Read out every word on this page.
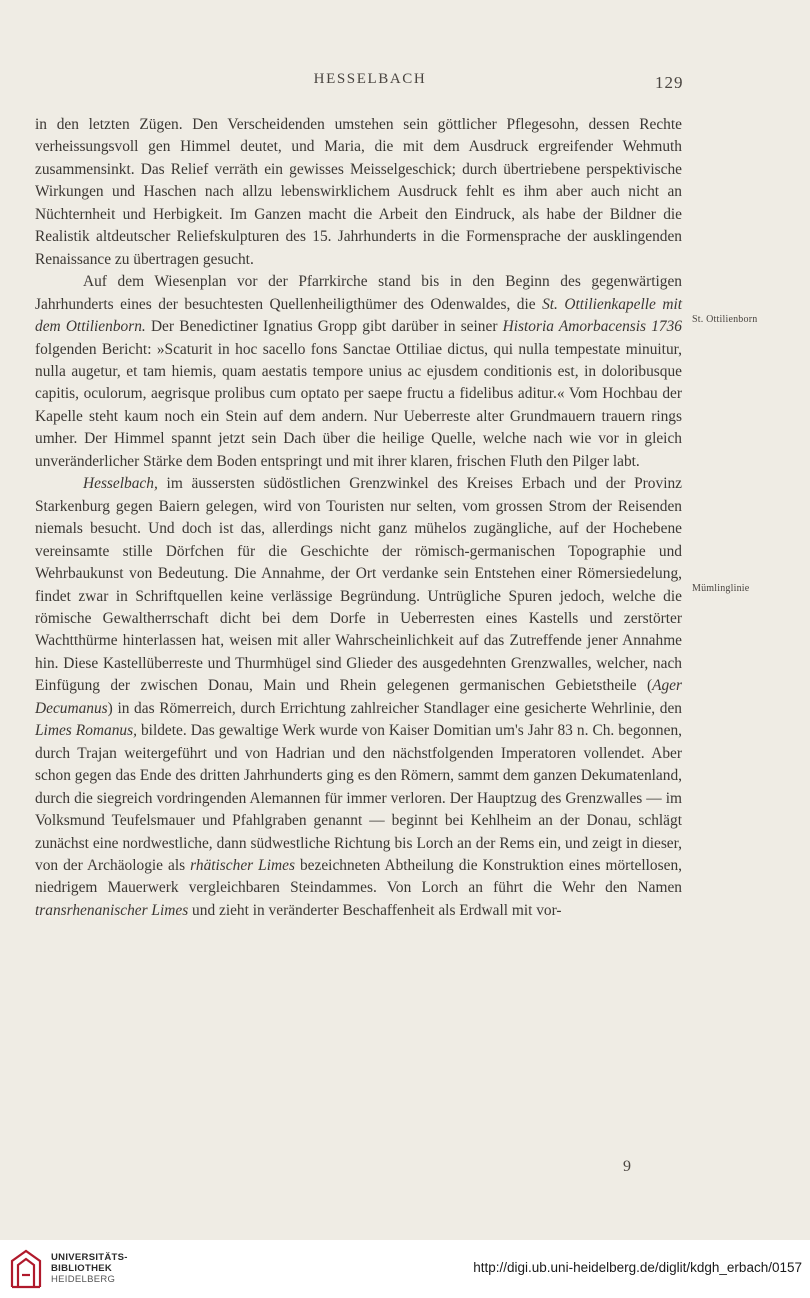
HESSELBACH	129
St. Ottilienborn
Mümlinglinie

in den letzten Zügen. Den Verscheidenden umstehen sein göttlicher Pflegesohn, dessen Rechte verheissungsvoll gen Himmel deutet, und Maria, die mit dem Ausdruck ergreifender Wehmuth zusammensinkt. Das Relief verräth ein gewisses Meisselgeschick; durch übertriebene perspektivische Wirkungen und Haschen nach allzu lebenswirklichem Ausdruck fehlt es ihm aber auch nicht an Nüchternheit und Herbigkeit. Im Ganzen macht die Arbeit den Eindruck, als habe der Bildner die Realistik altdeutscher Reliefskulpturen des 15. Jahrhunderts in die Formensprache der ausklingenden Renaissance zu übertragen gesucht.

Auf dem Wiesenplan vor der Pfarrkirche stand bis in den Beginn des gegenwärtigen Jahrhunderts eines der besuchtesten Quellenheiligthümer des Odenwaldes, die St. Ottilienkapelle mit dem Ottilienborn. Der Benedictiner Ignatius Gropp gibt darüber in seiner Historia Amorbacensis 1736 folgenden Bericht: »Scaturit in hoc sacello fons Sanctae Ottiliae dictus, qui nulla tempestate minuitur, nulla augetur, et tam hiemis, quam aestatis tempore unius ac ejusdem conditionis est, in doloribusque capitis, oculorum, aegrisque prolibus cum optato per saepe fructu a fidelibus aditur.« Vom Hochbau der Kapelle steht kaum noch ein Stein auf dem andern. Nur Ueberreste alter Grundmauern trauern rings umher. Der Himmel spannt jetzt sein Dach über die heilige Quelle, welche nach wie vor in gleich unveränderlicher Stärke dem Boden entspringt und mit ihrer klaren, frischen Fluth den Pilger labt.

Hesselbach, im äussersten südöstlichen Grenzwinkel des Kreises Erbach und der Provinz Starkenburg gegen Baiern gelegen, wird von Touristen nur selten, vom grossen Strom der Reisenden niemals besucht. Und doch ist das, allerdings nicht ganz mühelos zugängliche, auf der Hochebene vereinsamte stille Dörfchen für die Geschichte der römisch-germanischen Topographie und Wehrbaukunst von Bedeutung. Die Annahme, der Ort verdanke sein Entstehen einer Römersiedelung, findet zwar in Schriftquellen keine verlässige Begründung. Untrügliche Spuren jedoch, welche die römische Gewaltherrschaft dicht bei dem Dorfe in Ueberresten eines Kastells und zerstörter Wachtthürme hinterlassen hat, weisen mit aller Wahrscheinlichkeit auf das Zutreffende jener Annahme hin. Diese Kastellüberreste und Thurmhügel sind Glieder des ausgedehnten Grenzwalles, welcher, nach Einfügung der zwischen Donau, Main und Rhein gelegenen germanischen Gebietstheile (Ager Decumanus) in das Römerreich, durch Errichtung zahlreicher Standlager eine gesicherte Wehrlinie, den Limes Romanus, bildete. Das gewaltige Werk wurde von Kaiser Domitian um's Jahr 83 n. Ch. begonnen, durch Trajan weitergeführt und von Hadrian und den nächstfolgenden Imperatoren vollendet. Aber schon gegen das Ende des dritten Jahrhunderts ging es den Römern, sammt dem ganzen Dekumatenland, durch die siegreich vordringenden Alemannen für immer verloren. Der Hauptzug des Grenzwalles — im Volksmund Teufelsmauer und Pfahlgraben genannt — beginnt bei Kehlheim an der Donau, schlägt zunächst eine nordwestliche, dann südwestliche Richtung bis Lorch an der Rems ein, und zeigt in dieser, von der Archäologie als rhätischer Limes bezeichneten Abtheilung die Konstruktion eines mörtellosen, niedrigem Mauerwerk vergleichbaren Steindammes. Von Lorch an führt die Wehr den Namen transrhenanischer Limes und zieht in veränderter Beschaffenheit als Erdwall mit vor-

9
UNIVERSITÄTS-
BIBLIOTHEK
HEIDELBERG
http://digi.ub.uni-heidelberg.de/diglit/kdgh_erbach/0157
